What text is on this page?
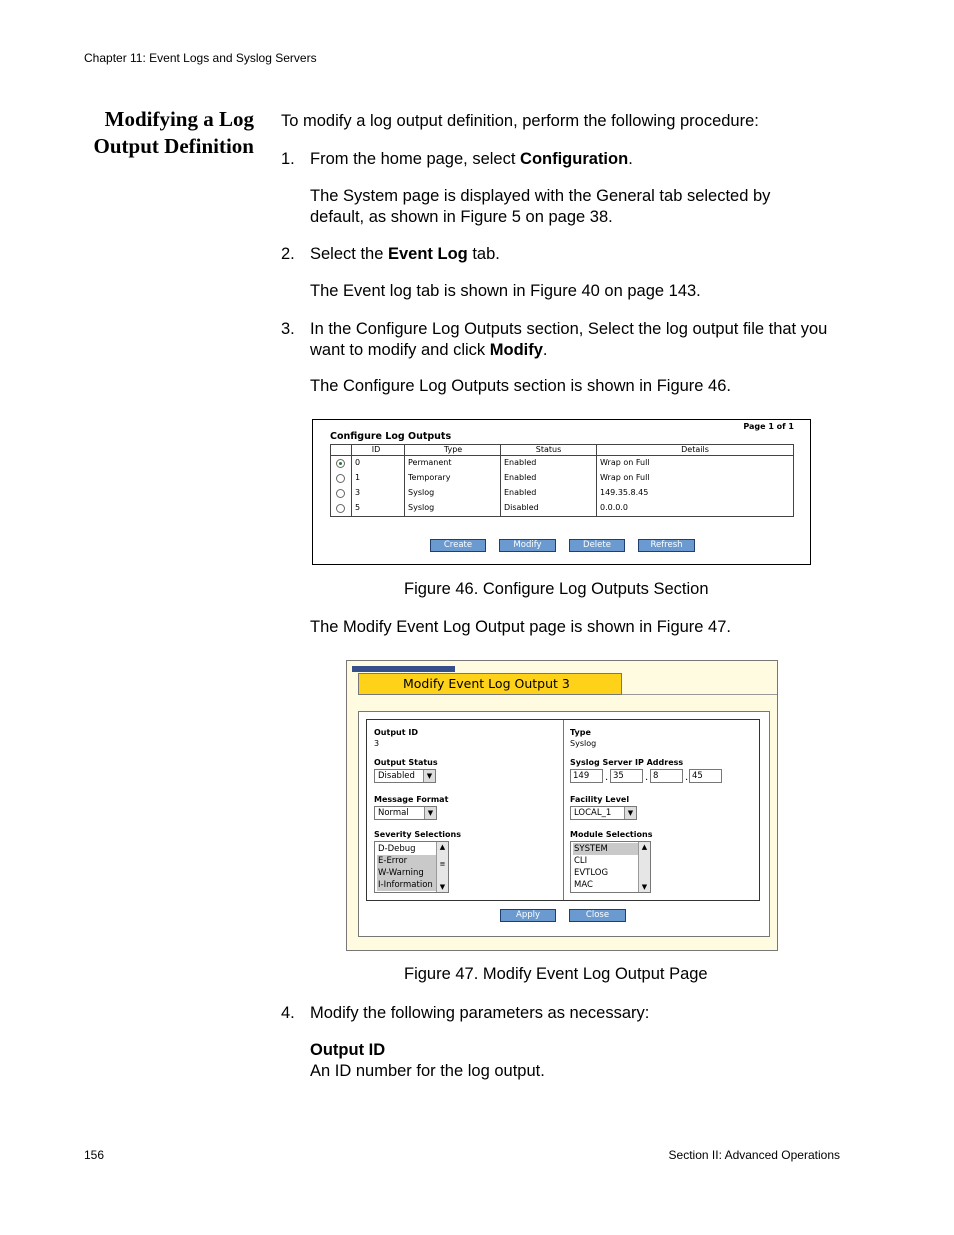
Chapter 11: Event Logs and Syslog Servers
Modifying a Log
Output Definition
To modify a log output definition, perform the following procedure:
1. From the home page, select Configuration.
The System page is displayed with the General tab selected by
default, as shown in Figure 5 on page 38.
2. Select the Event Log tab.
The Event log tab is shown in Figure 40 on page 143.
3. In the Configure Log Outputs section, Select the log output file that you
want to modify and click Modify.
The Configure Log Outputs section is shown in Figure 46.
Page 1 of 1
Configure Log Outputs
ID	Type	Status	Details
0	Permanent	Enabled	Wrap on Full
1	Temporary	Enabled	Wrap on Full
3	Syslog	Enabled	149.35.8.45
5	Syslog	Disabled	0.0.0.0
Create	Modify	Delete	Refresh
Figure 46. Configure Log Outputs Section
The Modify Event Log Output page is shown in Figure 47.
Modify Event Log Output 3
Output ID
3
Type
Syslog
Output Status
Disabled	▼
Syslog Server IP Address
149	. 35	. 8	. 45
Message Format
Normal	▼
Facility Level
LOCAL_1	▼
Severity Selections
D-Debug
E-Error
W-Warning
I-Information
▲
≡
▼
Module Selections
SYSTEM
CLI
EVTLOG
MAC
▲
▼
Apply	Close
Figure 47. Modify Event Log Output Page
4. Modify the following parameters as necessary:
Output ID
An ID number for the log output.
156	Section II: Advanced Operations
